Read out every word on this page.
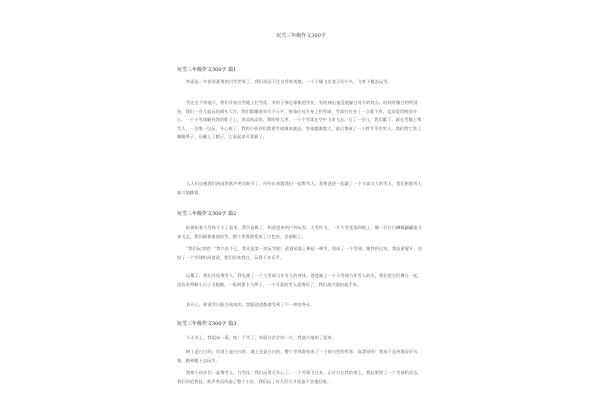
玩雪三年级作文300字
玩雪三年级作文300字 篇1
外面是一片银装素裹的白雪世界了，我们再忍不住白雪的诱惑，一个个像飞出笼子的小鸟，飞奔下楼去玩雪。
雪还在不停地下，我们开始在雪地上打雪仗。有的子弹足球般追雪花，有的神出鬼没地躲过对方的攻击。时间好像过的特别快，我们一会儿就玩的满头大汗，我们都嚷着对方不公平，拼命往对方身上扔雪球，雪球打在身上一点都不疼，反而觉得特别开心。一个小雪球砸到我的脖子上，冰凉冰凉的。我哈哈大笑，一个个雪球在空中飞来飞去。打了一会儿，我们累了，就在雪地上堆雪人，一边堆一边玩，开心极了。我和小伙伴们推着雪球滚来滚去，雪球越滚越大，最后堆成了一个胖乎乎的雪人，我们给它装上眼睛鼻子，还戴上了帽子，它看起来可爱极了。
大人们也被我们热闹的欢声笑语吸引了，纷纷出来跟我们一起堆雪人，我和爸爸一起做了一个又高又大的雪人，我们围着雪人高兴地跳着。
玩雪三年级作文300字 篇2
盼着盼着大雪终于下了起来，我兴奋极了，和爸爸来到户外玩雪，大雪纷飞，一片片雪花落到地上，像一只只白蝴蝶翩翩地飞来飞去，我们踩着地面的雪，整个世界都变成了白色的，美丽极了。
“我们玩雪吧！”我兴奋不已，我还是第一次玩雪呢！爸爸从地上捧起一捧雪，捏成了一个雪球，朝我扔过来，我赶紧躲开，也捏了一个雪球扔向爸爸，我们你来我往，玩得不亦乐乎。
玩累了，我们开始堆雪人，我先滚了一个大雪球当作雪人的身体，爸爸滚了一个小雪球当作雪人的头，我们把它们叠在一起，再找来两颗小石子当眼睛，一根胡萝卜当鼻子，一个可爱的雪人就堆好了，我们高兴地拍起手来。
真开心，谁说雪只能冷冰冰的，我跟爸爸都感受到了不一样的冬天。
玩雪三年级作文300字 篇3
今天早上，我起床一看，哇！下雪了，外面白茫茫的一片，我高兴地叫了起来。
树上是白白的，房顶上是白白的，地上也是白白的，整个世界都变成了一个银白色的世界，真漂亮呀！我迫不及待地穿好衣服，跑到楼下去玩雪。
我和小伙伴们一起堆雪人，打雪仗，我们玩得可开心了。一个雪球飞过来，正好打在我的身上，我赶紧捏了一个雪球扔回去，我们你追我赶，欢声笑语传遍了整个小区，我们玩了好久好久才依依不舍地回家。
